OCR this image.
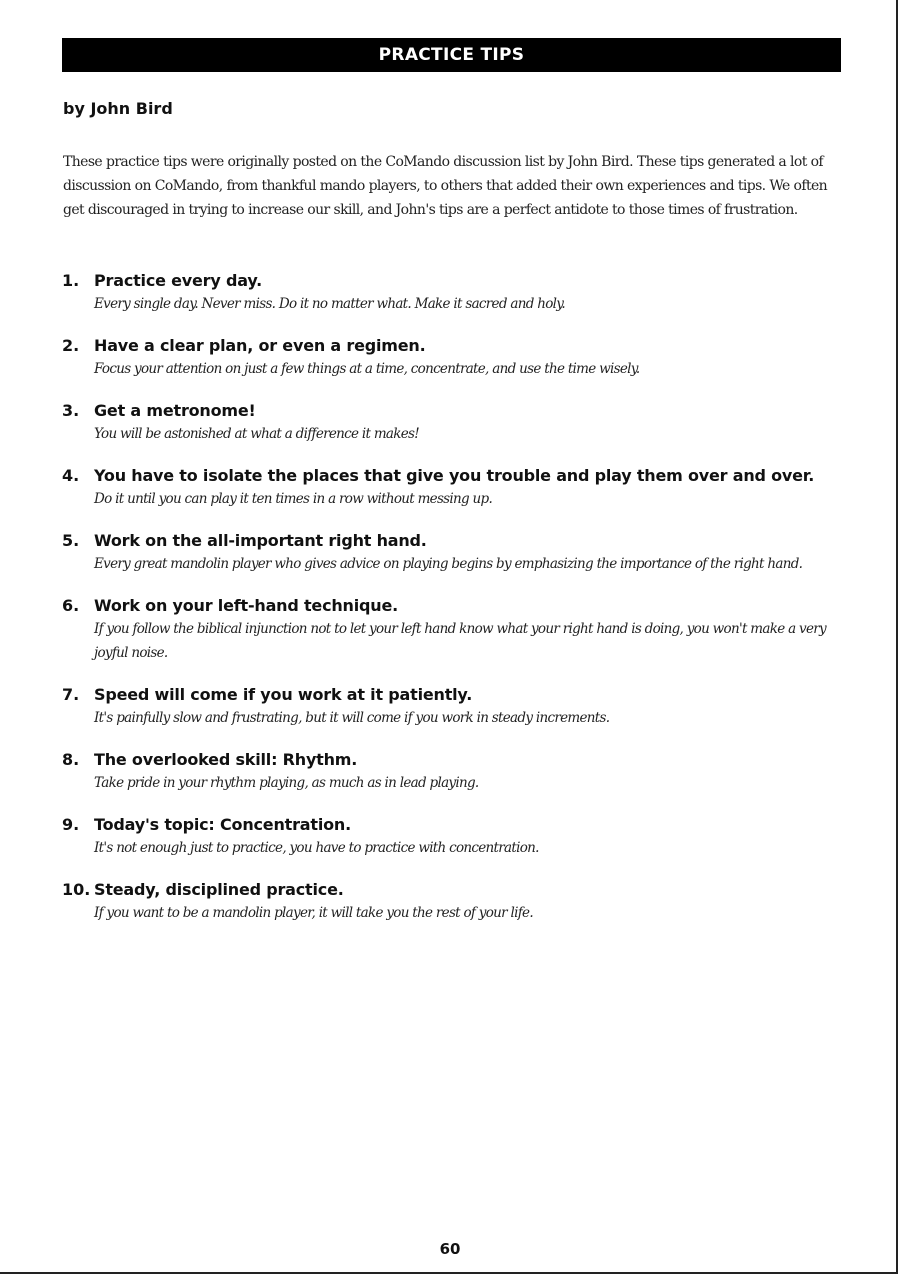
PRACTICE TIPS
by John Bird

These practice tips were originally posted on the CoMando discussion list by John Bird. These tips generated a lot of discussion on CoMando, from thankful mando players, to others that added their own experiences and tips. We often get discouraged in trying to increase our skill, and John's tips are a perfect antidote to those times of frustration.

1. Practice every day.
Every single day. Never miss. Do it no matter what. Make it sacred and holy.
2. Have a clear plan, or even a regimen.
Focus your attention on just a few things at a time, concentrate, and use the time wisely.
3. Get a metronome!
You will be astonished at what a difference it makes!
4. You have to isolate the places that give you trouble and play them over and over.
Do it until you can play it ten times in a row without messing up.
5. Work on the all-important right hand.
Every great mandolin player who gives advice on playing begins by emphasizing the importance of the right hand.
6. Work on your left-hand technique.
If you follow the biblical injunction not to let your left hand know what your right hand is doing, you won't make a very joyful noise.
7. Speed will come if you work at it patiently.
It's painfully slow and frustrating, but it will come if you work in steady increments.
8. The overlooked skill: Rhythm.
Take pride in your rhythm playing, as much as in lead playing.
9. Today's topic: Concentration.
It's not enough just to practice, you have to practice with concentration.
10. Steady, disciplined practice.
If you want to be a mandolin player, it will take you the rest of your life.
60
